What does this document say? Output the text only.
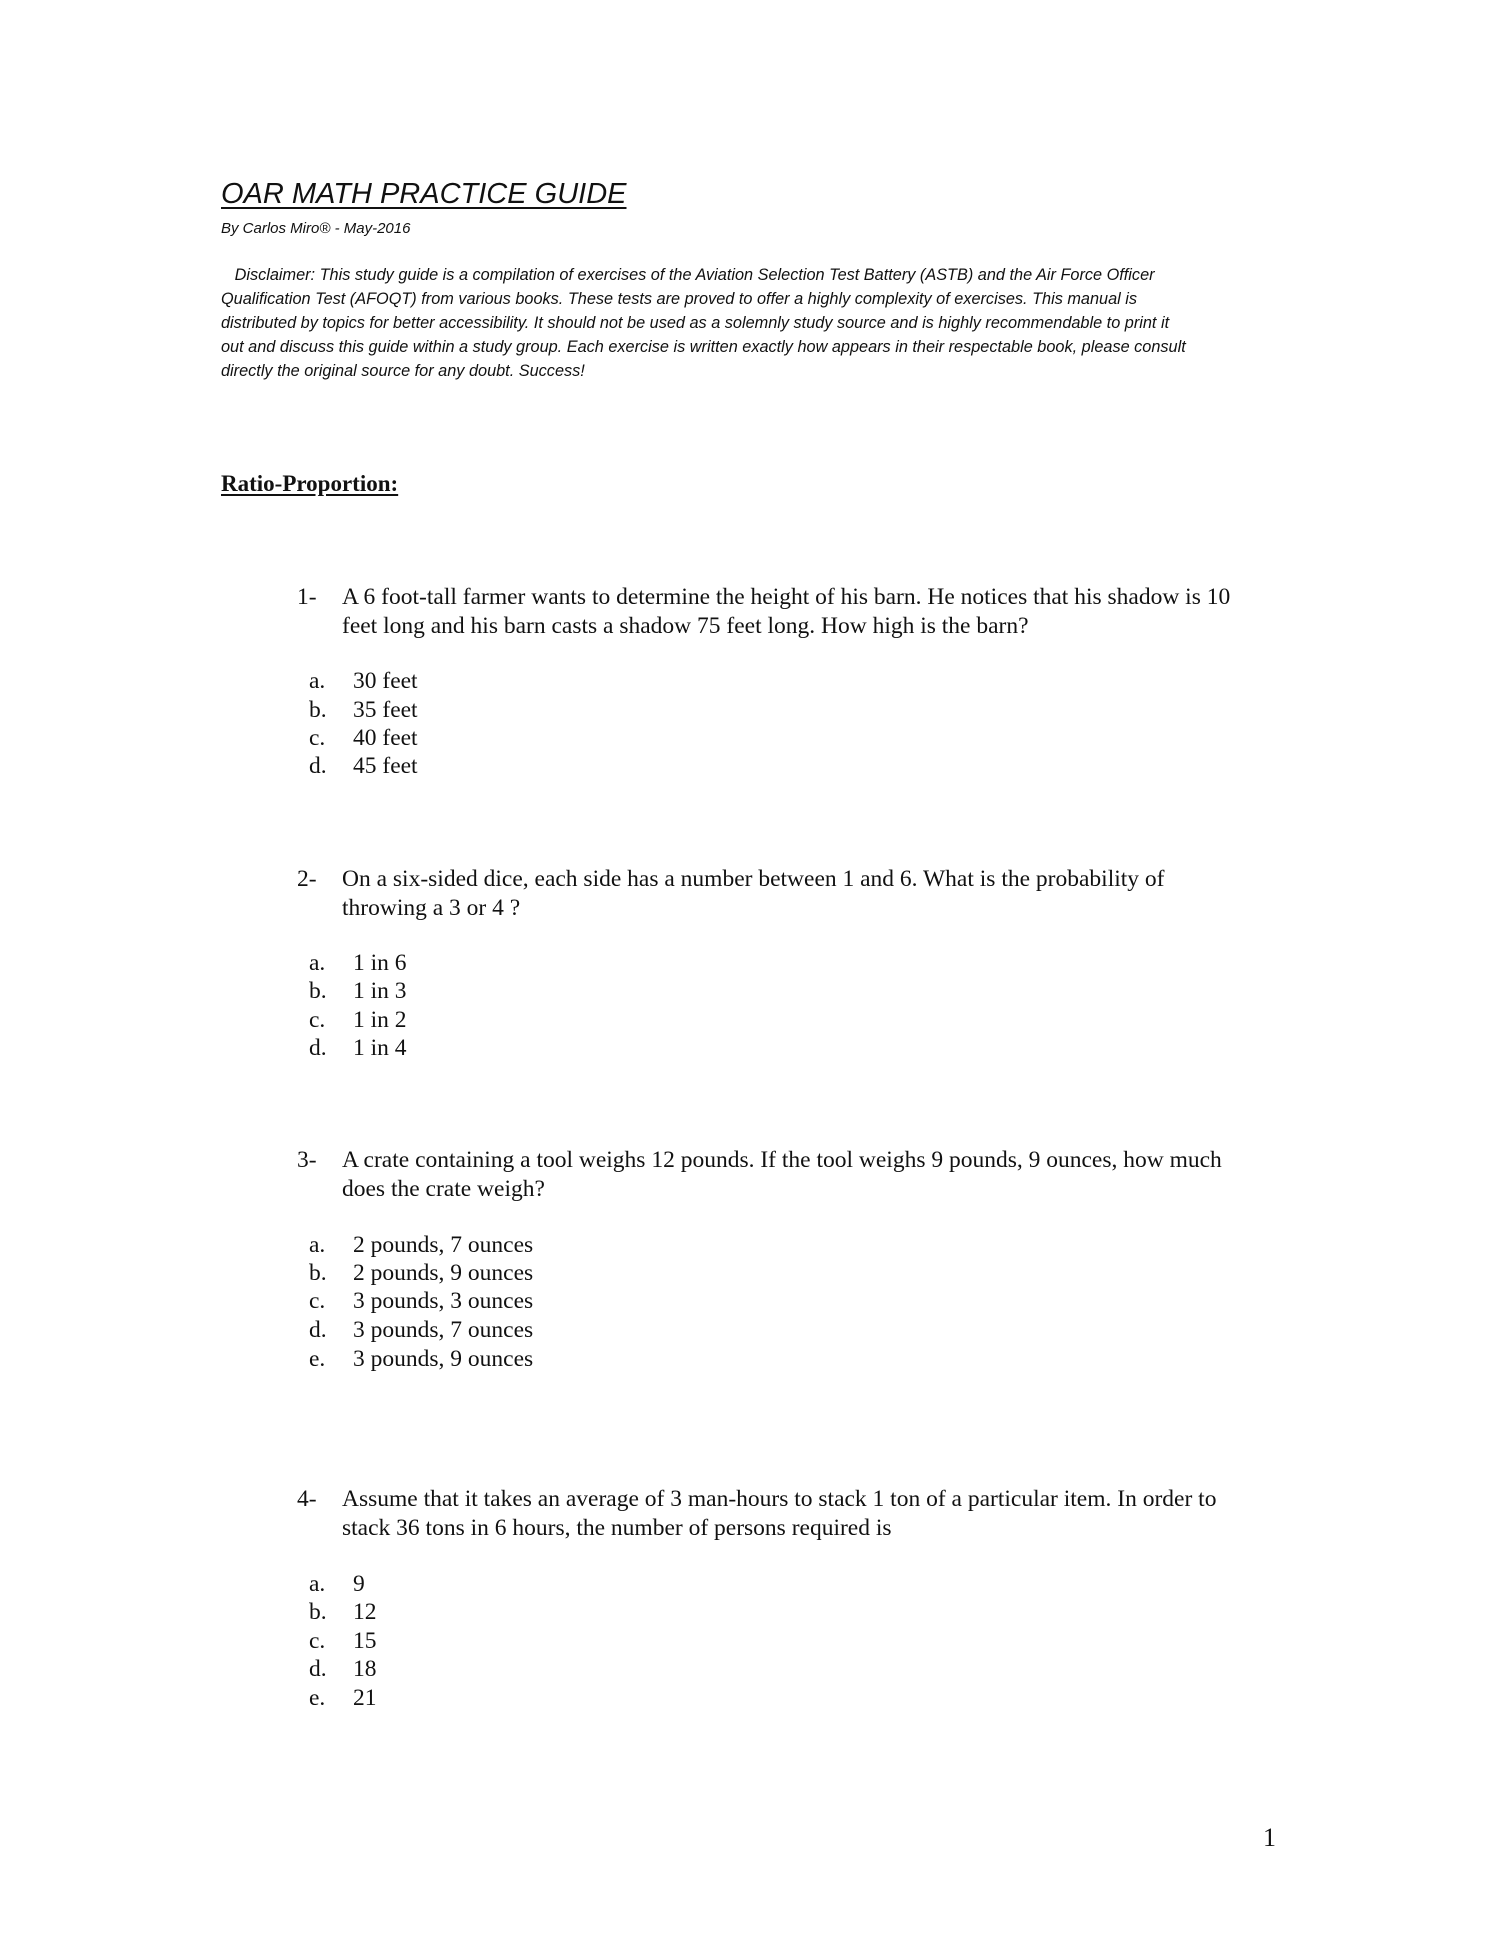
OAR MATH PRACTICE GUIDE
By Carlos Miro® - May-2016
Disclaimer: This study guide is a compilation of exercises of the Aviation Selection Test Battery (ASTB) and the Air Force Officer
Qualification Test (AFOQT) from various books. These tests are proved to offer a highly complexity of exercises. This manual is
distributed by topics for better accessibility. It should not be used as a solemnly study source and is highly recommendable to print it
out and discuss this guide within a study group. Each exercise is written exactly how appears in their respectable book, please consult
directly the original source for any doubt. Success!
Ratio-Proportion:
1- A 6 foot-tall farmer wants to determine the height of his barn. He notices that his shadow is 10
feet long and his barn casts a shadow 75 feet long. How high is the barn?
a. 30 feet
b. 35 feet
c. 40 feet
d. 45 feet
2- On a six-sided dice, each side has a number between 1 and 6. What is the probability of
throwing a 3 or 4 ?
a. 1 in 6
b. 1 in 3
c. 1 in 2
d. 1 in 4
3- A crate containing a tool weighs 12 pounds. If the tool weighs 9 pounds, 9 ounces, how much
does the crate weigh?
a. 2 pounds, 7 ounces
b. 2 pounds, 9 ounces
c. 3 pounds, 3 ounces
d. 3 pounds, 7 ounces
e. 3 pounds, 9 ounces
4- Assume that it takes an average of 3 man-hours to stack 1 ton of a particular item. In order to
stack 36 tons in 6 hours, the number of persons required is
a. 9
b. 12
c. 15
d. 18
e. 21
1
